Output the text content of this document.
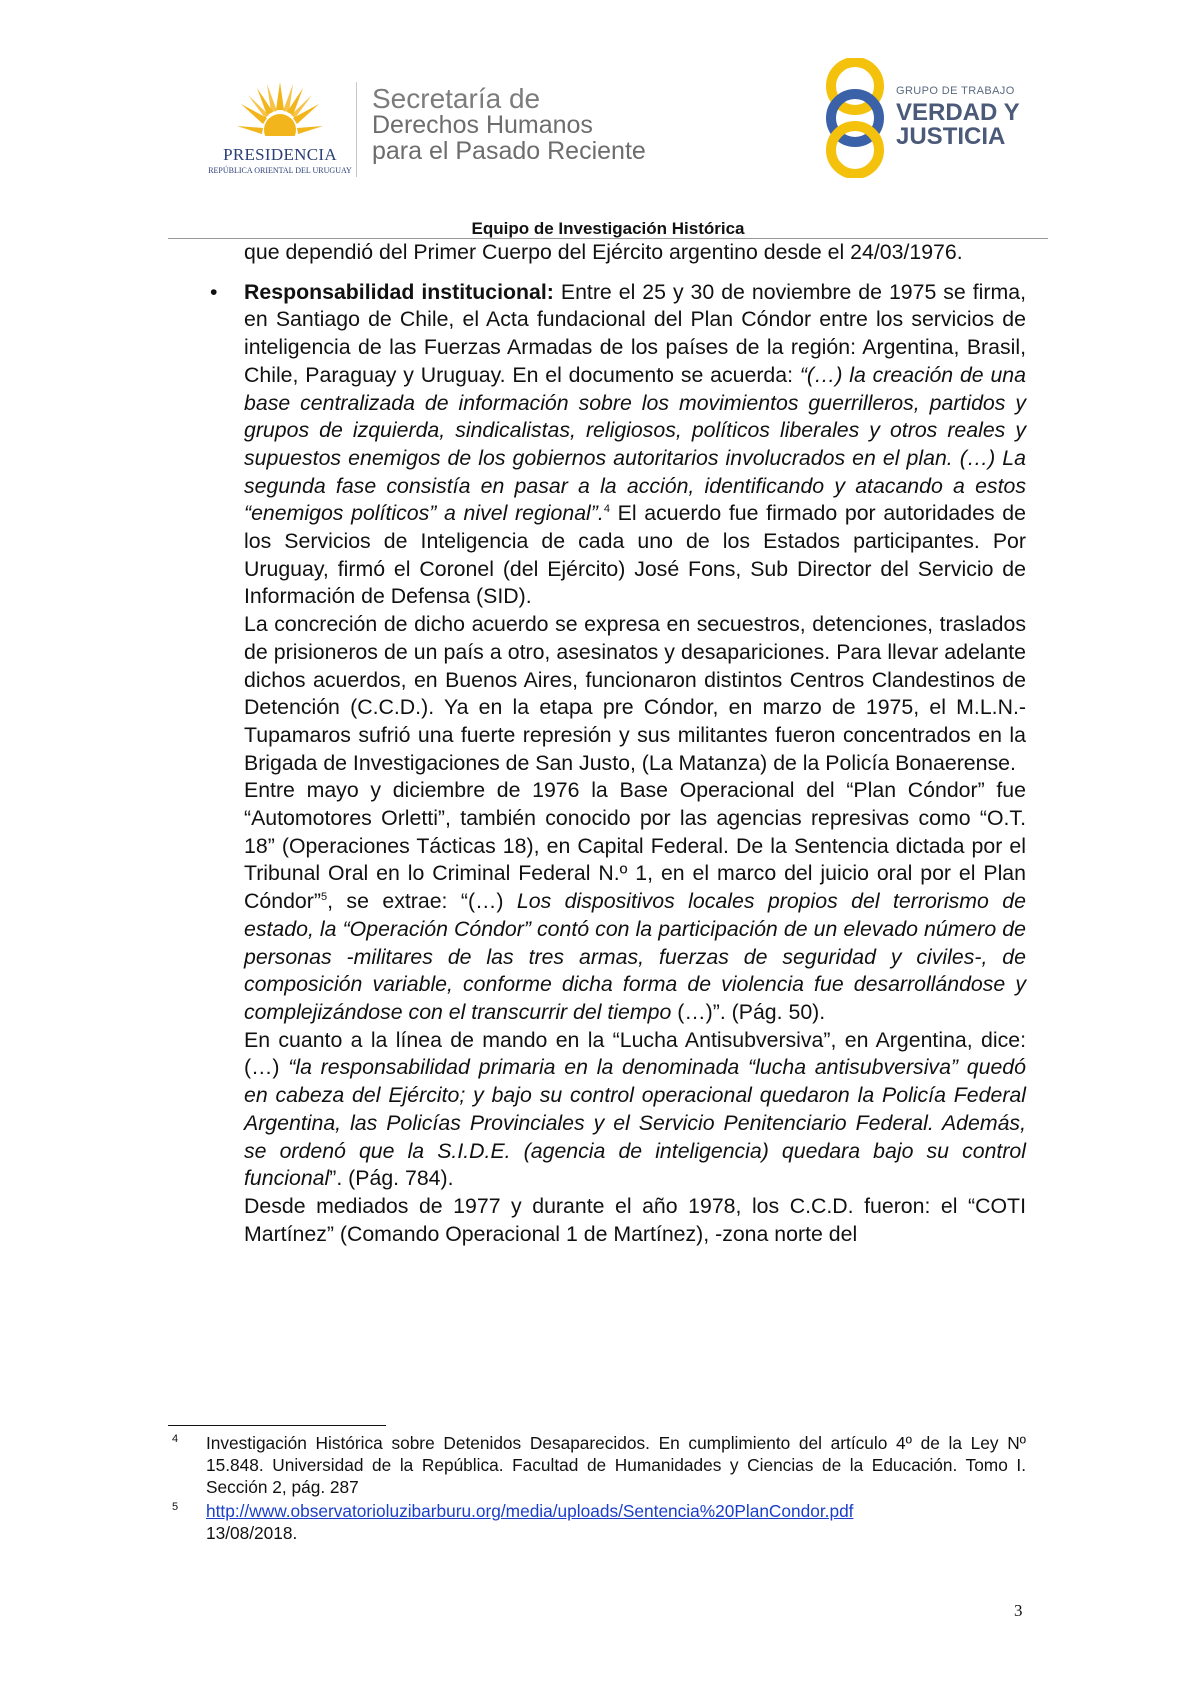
PRESIDENCIA
REPÚBLICA ORIENTAL DEL URUGUAY
Secretaría de
Derechos Humanos
para el Pasado Reciente
GRUPO DE TRABAJO
VERDAD Y
JUSTICIA
Equipo de Investigación Histórica

que dependió del Primer Cuerpo del Ejército argentino desde el 24/03/1976.

• Responsabilidad institucional: Entre el 25 y 30 de noviembre de 1975 se firma, en Santiago de Chile, el Acta fundacional del Plan Cóndor entre los servicios de inteligencia de las Fuerzas Armadas de los países de la región: Argentina, Brasil, Chile, Paraguay y Uruguay. En el documento se acuerda: “(…) la creación de una base centralizada de información sobre los movimientos guerrilleros, partidos y grupos de izquierda, sindicalistas, religiosos, políticos liberales y otros reales y supuestos enemigos de los gobiernos autoritarios involucrados en el plan. (…) La segunda fase consistía en pasar a la acción, identificando y atacando a estos “enemigos políticos” a nivel regional”.$^4$ El acuerdo fue firmado por autoridades de los Servicios de Inteligencia de cada uno de los Estados participantes. Por Uruguay, firmó el Coronel (del Ejército) José Fons, Sub Director del Servicio de Información de Defensa (SID).

La concreción de dicho acuerdo se expresa en secuestros, detenciones, traslados de prisioneros de un país a otro, asesinatos y desapariciones. Para llevar adelante dichos acuerdos, en Buenos Aires, funcionaron distintos Centros Clandestinos de Detención (C.C.D.). Ya en la etapa pre Cóndor, en marzo de 1975, el M.L.N.-Tupamaros sufrió una fuerte represión y sus militantes fueron concentrados en la Brigada de Investigaciones de San Justo, (La Matanza) de la Policía Bonaerense.

Entre mayo y diciembre de 1976 la Base Operacional del “Plan Cóndor” fue “Automotores Orletti”, también conocido por las agencias represivas como “O.T. 18” (Operaciones Tácticas 18), en Capital Federal. De la Sentencia dictada por el Tribunal Oral en lo Criminal Federal N.º 1, en el marco del juicio oral por el Plan Cóndor”$^5$, se extrae: “(…) Los dispositivos locales propios del terrorismo de estado, la “Operación Cóndor” contó con la participación de un elevado número de personas -militares de las tres armas, fuerzas de seguridad y civiles-, de composición variable, conforme dicha forma de violencia fue desarrollándose y complejizándose con el transcurrir del tiempo (…)”. (Pág. 50).

En cuanto a la línea de mando en la “Lucha Antisubversiva”, en Argentina, dice: (…) “la responsabilidad primaria en la denominada “lucha antisubversiva” quedó en cabeza del Ejército; y bajo su control operacional quedaron la Policía Federal Argentina, las Policías Provinciales y el Servicio Penitenciario Federal. Además, se ordenó que la S.I.D.E. (agencia de inteligencia) quedara bajo su control funcional”. (Pág. 784).

Desde mediados de 1977 y durante el año 1978, los C.C.D. fueron: el “COTI Martínez” (Comando Operacional 1 de Martínez), -zona norte del

4 Investigación Histórica sobre Detenidos Desaparecidos. En cumplimiento del artículo 4º de la Ley Nº 15.848. Universidad de la República. Facultad de Humanidades y Ciencias de la Educación. Tomo I. Sección 2, pág. 287
5 http://www.observatorioluzibarburu.org/media/uploads/Sentencia%20PlanCondor.pdf
13/08/2018.
3
